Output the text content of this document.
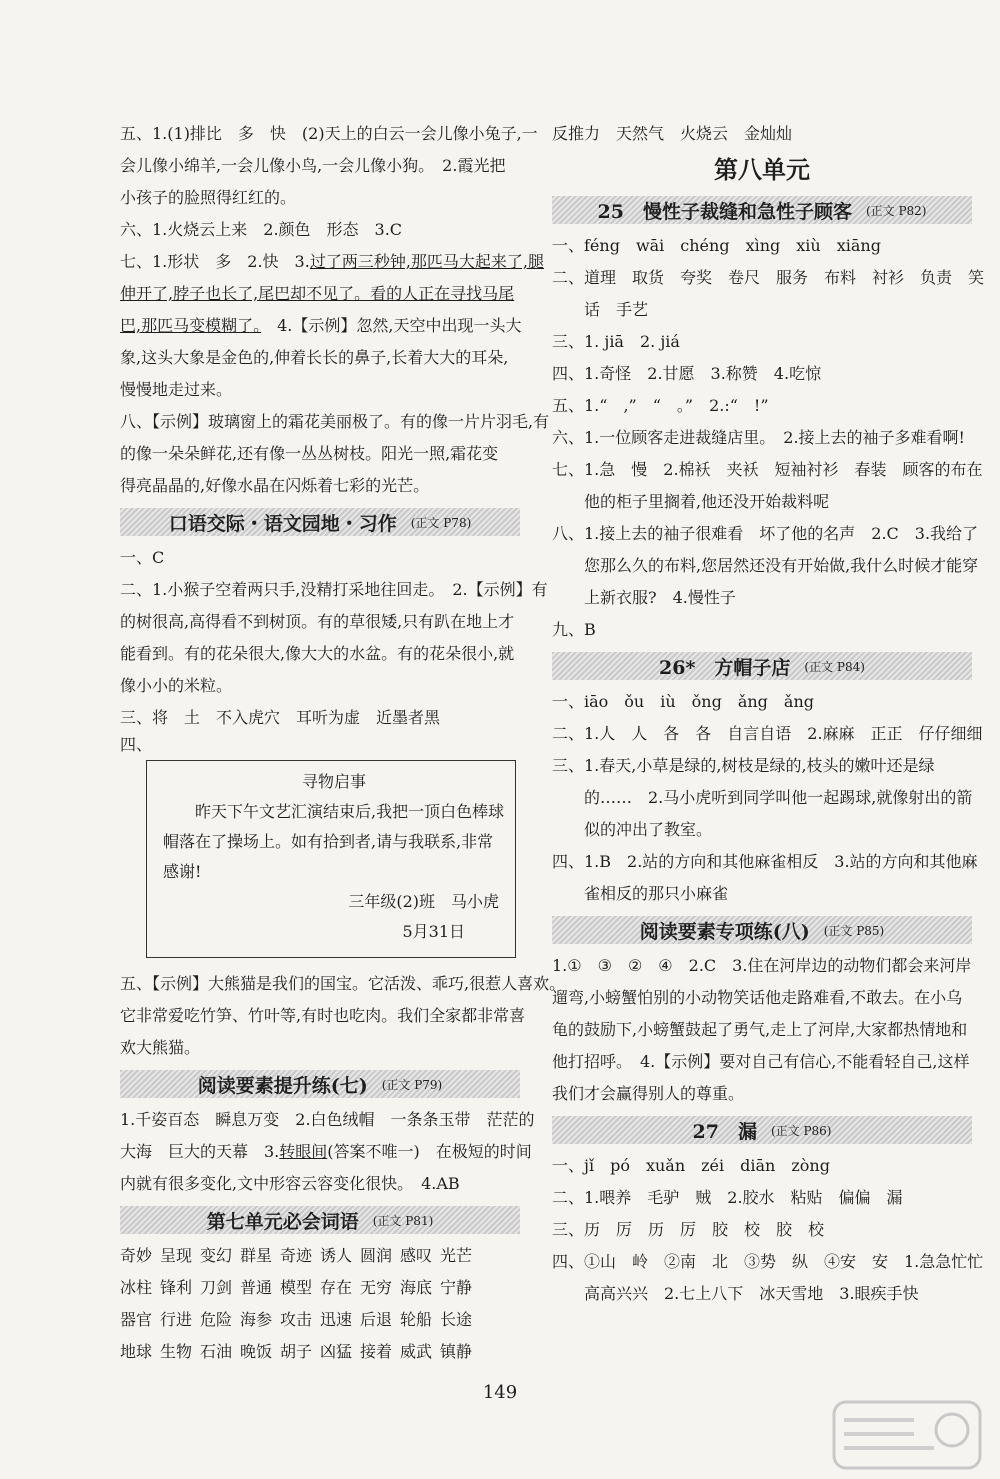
五、1.(1)排比　多　快　(2)天上的白云一会儿像小兔子,一
会儿像小绵羊,一会儿像小鸟,一会儿像小狗。　2.霞光把
小孩子的脸照得红红的。
六、1.火烧云上来　2.颜色　形态　3.C
七、1.形状　多　2.快　3.过了两三秒钟,那匹马大起来了,腿
伸开了,脖子也长了,尾巴却不见了。看的人正在寻找马尾
巴,那匹马变模糊了。　4.【示例】忽然,天空中出现一头大
象,这头大象是金色的,伸着长长的鼻子,长着大大的耳朵,
慢慢地走过来。
八、【示例】玻璃窗上的霜花美丽极了。有的像一片片羽毛,有
的像一朵朵鲜花,还有像一丛丛树枝。阳光一照,霜花变
得亮晶晶的,好像水晶在闪烁着七彩的光芒。
口语交际・语文园地・习作 (正文 P78)
一、C
二、1.小猴子空着两只手,没精打采地往回走。　2.【示例】有
的树很高,高得看不到树顶。有的草很矮,只有趴在地上才
能看到。有的花朵很大,像大大的水盆。有的花朵很小,就
像小小的米粒。
三、将　土　不入虎穴　耳听为虚　近墨者黑
四、
寻物启事
昨天下午文艺汇演结束后,我把一顶白色棒球帽落在了操场上。如有拾到者,请与我联系,非常感谢!
三年级(2)班　马小虎
5月31日
五、【示例】大熊猫是我们的国宝。它活泼、乖巧,很惹人喜欢。
它非常爱吃竹笋、竹叶等,有时也吃肉。我们全家都非常喜
欢大熊猫。
阅读要素提升练(七) (正文 P79)
1.千姿百态　瞬息万变　2.白色绒帽　一条条玉带　茫茫的
大海　巨大的天幕　3.转眼间(答案不唯一)　在极短的时间
内就有很多变化,文中形容云容变化很快。　4.AB
第七单元必会词语 (正文 P81)
奇妙 呈现 变幻 群星 奇迹 诱人 圆润 感叹 光芒
冰柱 锋利 刀剑 普通 模型 存在 无穷 海底 宁静
器官 行进 危险 海参 攻击 迅速 后退 轮船 长途
地球 生物 石油 晚饭 胡子 凶猛 接着 威武 镇静
反推力　天然气　火烧云　金灿灿
第八单元
25　慢性子裁缝和急性子顾客 (正文 P82)
一、féng　wāi　chéng　xìng　xiù　xiāng
二、道理　取货　夸奖　卷尺　服务　布料　衬衫　负责　笑
　　话　手艺
三、1. jiā　2. jiá
四、1.奇怪　2.甘愿　3.称赞　4.吃惊
五、1.“　,”　“　。”　2.:“　!”
六、1.一位顾客走进裁缝店里。　2.接上去的袖子多难看啊!
七、1.急　慢　2.棉袄　夹袄　短袖衬衫　春装　顾客的布在
　　他的柜子里搁着,他还没开始裁料呢
八、1.接上去的袖子很难看　坏了他的名声　2.C　3.我给了
　　您那么久的布料,您居然还没有开始做,我什么时候才能穿
　　上新衣服?　4.慢性子
九、B
26*　方帽子店 (正文 P84)
一、iāo　ǒu　iù　ǒng　ǎng　ǎng
二、1.人　人　各　各　自言自语　2.麻麻　正正　仔仔细细
三、1.春天,小草是绿的,树枝是绿的,枝头的嫩叶还是绿
　　的……　2.马小虎听到同学叫他一起踢球,就像射出的箭
　　似的冲出了教室。
四、1.B　2.站的方向和其他麻雀相反　3.站的方向和其他麻
　　雀相反的那只小麻雀
阅读要素专项练(八) (正文 P85)
1.①　③　②　④　2.C　3.住在河岸边的动物们都会来河岸
遛弯,小螃蟹怕别的小动物笑话他走路难看,不敢去。在小乌
龟的鼓励下,小螃蟹鼓起了勇气,走上了河岸,大家都热情地和
他打招呼。　4.【示例】要对自己有信心,不能看轻自己,这样
我们才会赢得别人的尊重。
27　漏 (正文 P86)
一、jǐ　pó　xuǎn　zéi　diān　zòng
二、1.喂养　毛驴　贼　2.胶水　粘贴　偏偏　漏
三、历　厉　历　厉　胶　校　胶　校
四、①山　岭　②南　北　③势　纵　④安　安　1.急急忙忙
　　高高兴兴　2.七上八下　冰天雪地　3.眼疾手快
149
